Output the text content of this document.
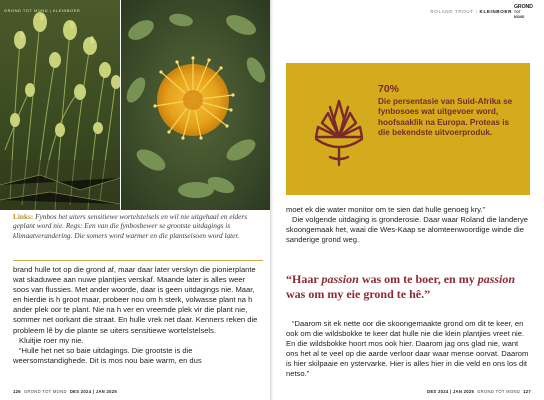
GROND TOT MOND | KLEINBOER
Links: Fynbos het uiters sensitiewe wortelstelsels en wil nie uitgehaal en elders geplant word nie. Regs: Een van die fynbosbewer se grootste uitdagings is klimaatverandering. Die somers word warmer en die plantseisoen word later.

brand hulle tot op die grond af, maar daar later verskyn die pionierplante wat skaduwee aan nuwe plantjies verskaf. Maande later is alles weer soos van flussies. Met ander woorde, daar is geen uitdagings nie. Maar, en hierdie is h groot maar, probeer nou om h sterk, volwasse plant na h ander plek oor te plant. Nie na h ver en vreemde plek vir die plant nie, sommer net oorkant die straat. En hulle vrek net daar. Kenners reken die probleem lê by die plante se uiters sensitiewe wortelstelsels.

Kluitjie roer my nie.

“Hulle het net so baie uitdagings. Die grootste is die weersomstandighede. Dit is mos nou baie warm, en dus

126 GROND TOT MOND DES 2024 | JAN 2025
ROLAND TROUT | KLEINBOER
GROND
TOT
MOND
70%
Die persentasie van Suid-Afrika se fynbosoes wat uitgevoer word, hoofsaaklik na Europa. Proteas is die bekendste uitvoerproduk.

moet ek die water monitor om te sien dat hulle genoeg kry.”

Die volgende uitdaging is gronderosie. Daar waar Roland die landerye skoongemaak het, waai die Wes-Kaap se alomteenwoordige winde die sanderige grond weg.

“Haar passion was om te boer, en my passion was om my eie grond te hê.”

“Daarom sit ek nette oor die skoongemaakte grond om dit te keer, en ook om die wildsbokke te keer dat hulle nie die klein plantjies vreet nie. En die wildsbokke hoort mos ook hier. Daarom jag ons glad nie, want ons het al te veel op die aarde verloor daar waar mense oorvat. Daarom is hier skilpaaie en ystervarke. Hier is alles hier in die veld en ons los dit netso.”

DES 2024 | JAN 2025 GROND TOT MOND 127
